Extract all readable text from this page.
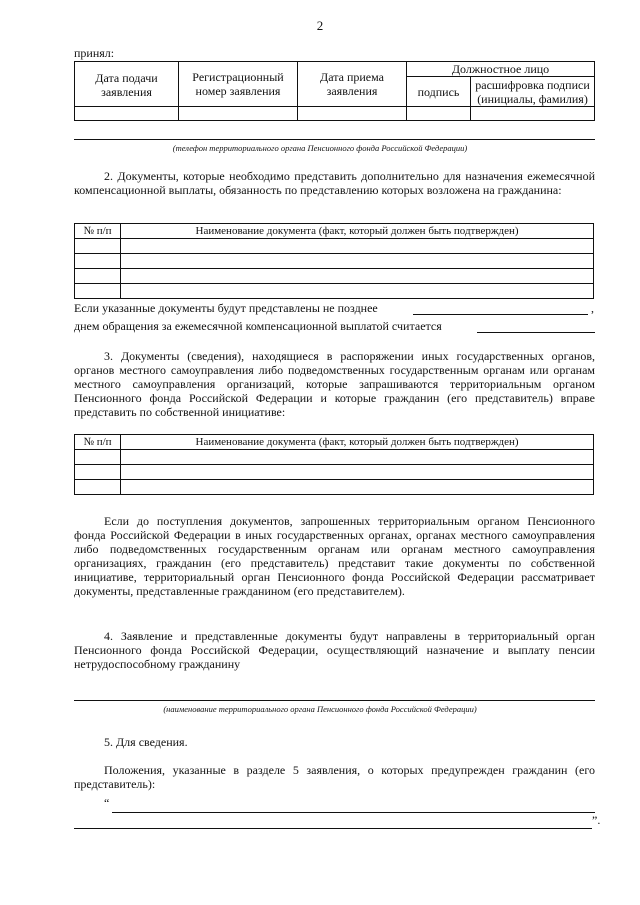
2
принял:
Дата подачи заявления	Регистрационный номер заявления	Дата приема заявления	Должностное лицо	
			подпись	расшифровка подписи (инициалы, фамилия)

(телефон территориального органа Пенсионного фонда Российской Федерации)
2. Документы, которые необходимо представить дополнительно для назначения ежемесячной компенсационной выплаты, обязанность по представлению которых возложена на гражданина:
№ п/п	Наименование документа (факт, который должен быть подтвержден)

Если указанные документы будут представлены не позднее	,
днем обращения за ежемесячной компенсационной выплатой считается
3. Документы (сведения), находящиеся в распоряжении иных государственных органов, органов местного самоуправления либо подведомственных государственным органам или органам местного самоуправления организаций, которые запрашиваются территориальным органом Пенсионного фонда Российской Федерации и которые гражданин (его представитель) вправе представить по собственной инициативе:
№ п/п	Наименование документа (факт, который должен быть подтвержден)

Если до поступления документов, запрошенных территориальным органом Пенсионного фонда Российской Федерации в иных государственных органах, органах местного самоуправления либо подведомственных государственным органам или органам местного самоуправления организациях, гражданин (его представитель) представит такие документы по собственной инициативе, территориальный орган Пенсионного фонда Российской Федерации рассматривает документы, представленные гражданином (его представителем).
4. Заявление и представленные документы будут направлены в территориальный орган Пенсионного фонда Российской Федерации, осуществляющий назначение и выплату пенсии нетрудоспособному гражданину
(наименование территориального органа Пенсионного фонда Российской Федерации)
5. Для сведения.
Положения, указанные в разделе 5 заявления, о которых предупрежден гражданин (его представитель):
“
”.
